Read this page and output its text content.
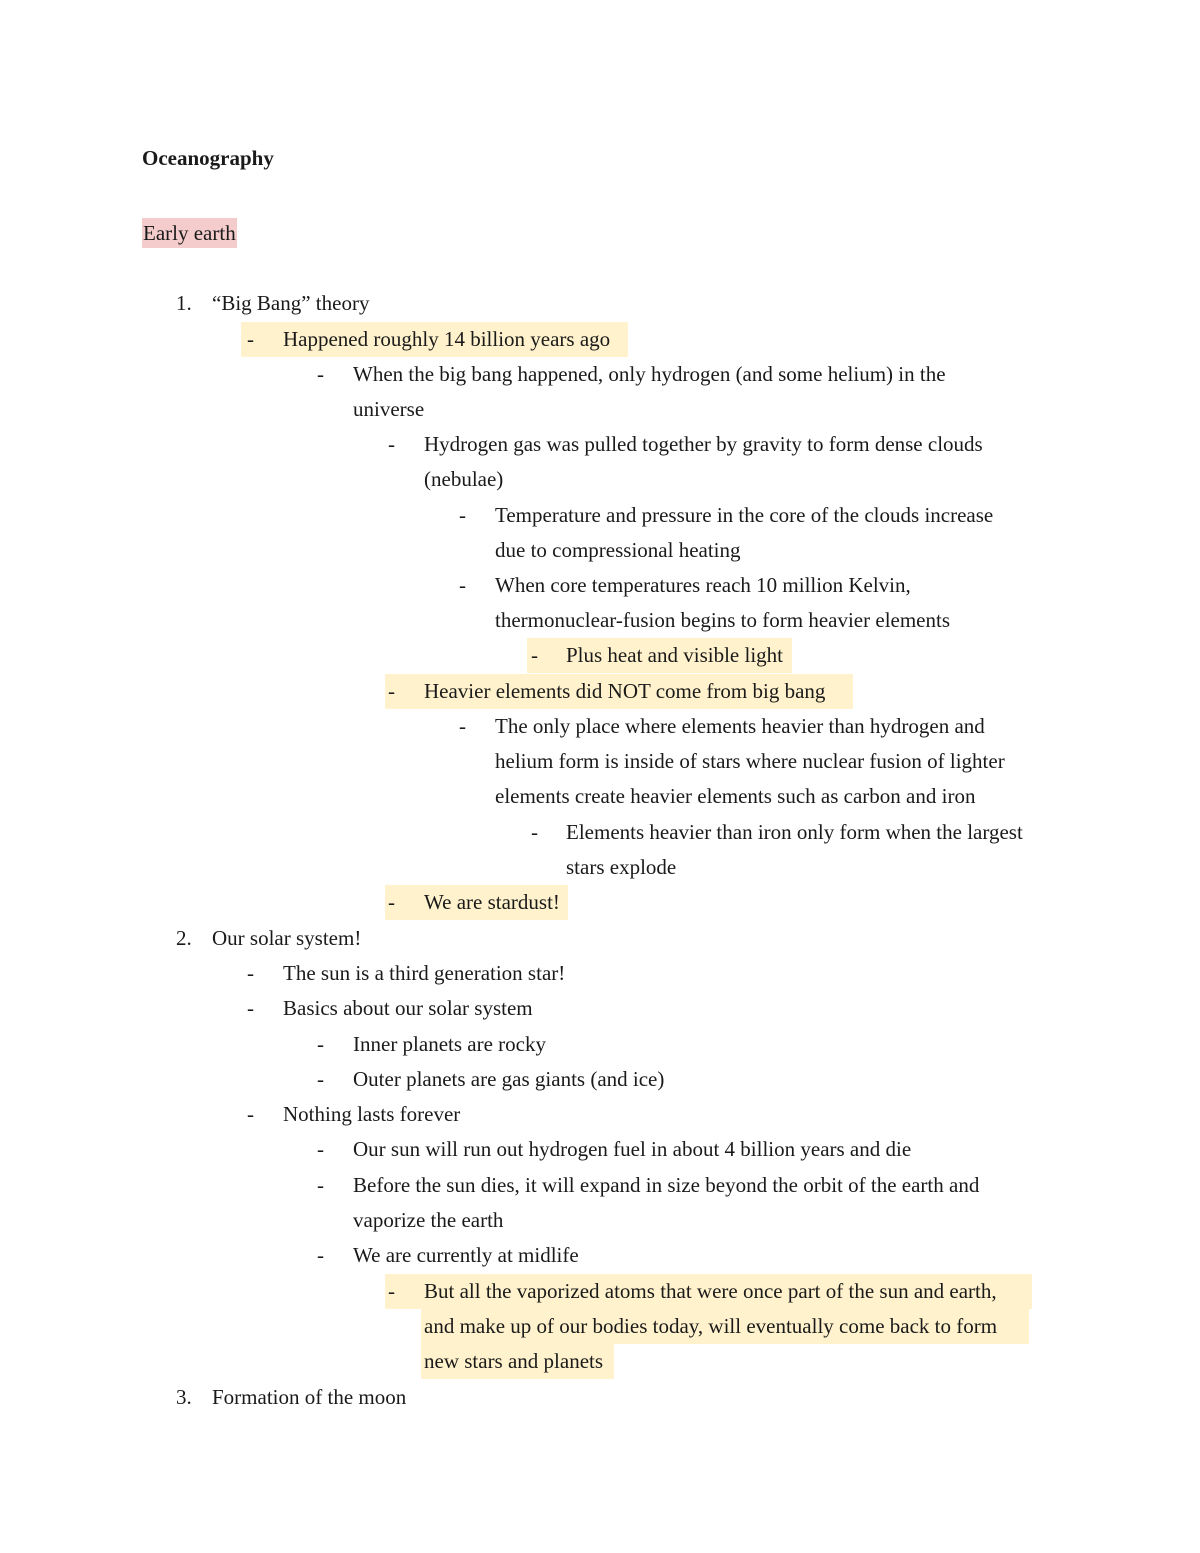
Oceanography
Early earth
1. “Big Bang” theory
- Happened roughly 14 billion years ago
- When the big bang happened, only hydrogen (and some helium) in the
universe
- Hydrogen gas was pulled together by gravity to form dense clouds
(nebulae)
- Temperature and pressure in the core of the clouds increase
due to compressional heating
- When core temperatures reach 10 million Kelvin,
thermonuclear-fusion begins to form heavier elements
- Plus heat and visible light
- Heavier elements did NOT come from big bang
- The only place where elements heavier than hydrogen and
helium form is inside of stars where nuclear fusion of lighter
elements create heavier elements such as carbon and iron
- Elements heavier than iron only form when the largest
stars explode
- We are stardust!
2. Our solar system!
- The sun is a third generation star!
- Basics about our solar system
- Inner planets are rocky
- Outer planets are gas giants (and ice)
- Nothing lasts forever
- Our sun will run out hydrogen fuel in about 4 billion years and die
- Before the sun dies, it will expand in size beyond the orbit of the earth and
vaporize the earth
- We are currently at midlife
- But all the vaporized atoms that were once part of the sun and earth,
and make up of our bodies today, will eventually come back to form
new stars and planets
3. Formation of the moon
